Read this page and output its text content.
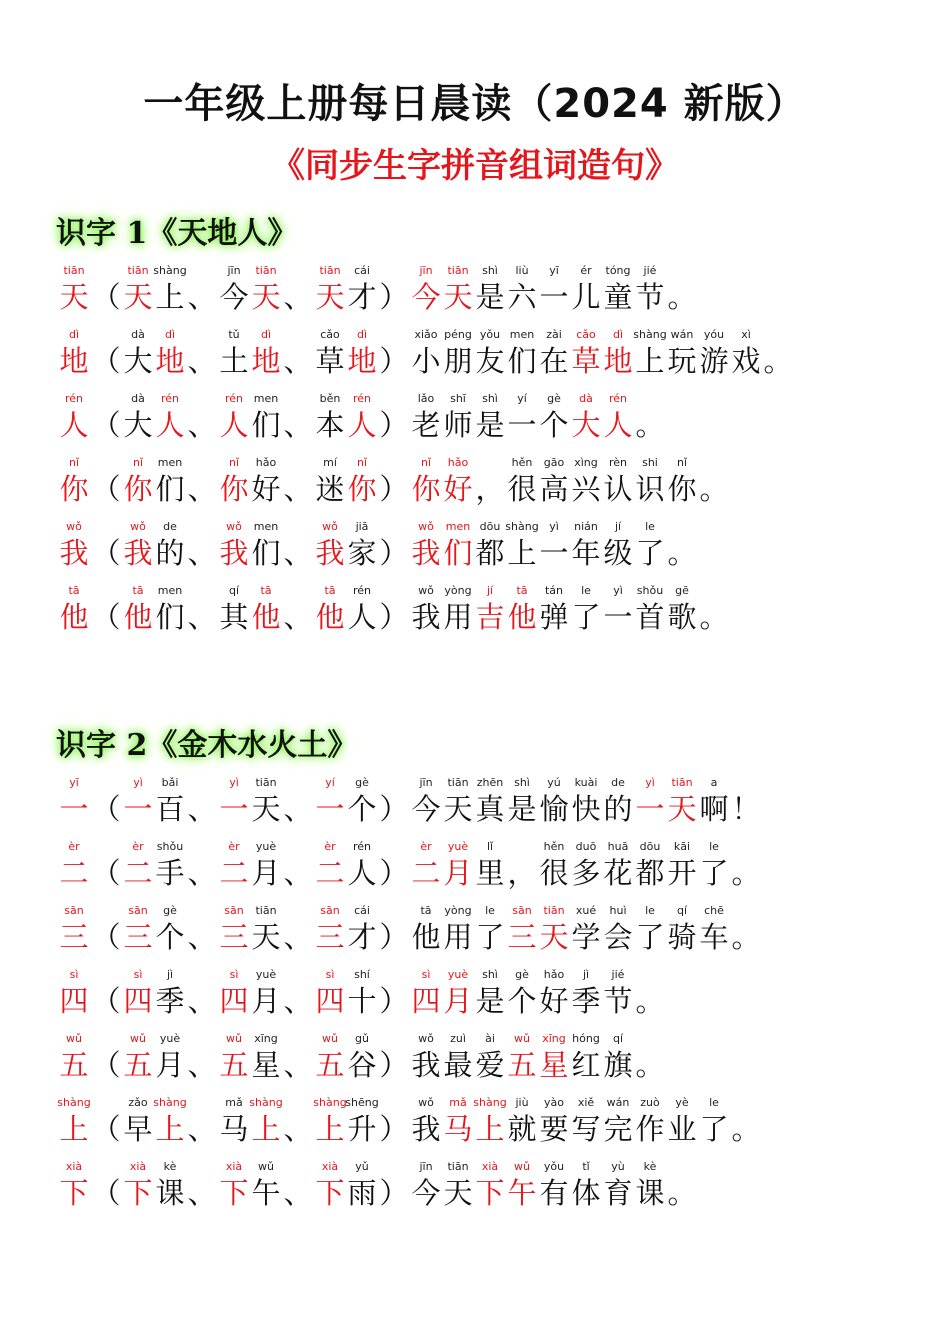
一年级上册每日晨读（2024 新版）
《同步生字拼音组词造句》
识字 1《天地人》
tiān
天 （
tiān
天
shàng
上 、
jīn
今
tiān
天 、
tiān
天
cái
才 ）
jīn
今
tiān
天
shì
是
liù
六
yī
一
ér
儿
tóng
童
jié
节 。
dì
地 （
dà
大
dì
地 、
tǔ
土
dì
地 、
cǎo
草
dì
地 ）
xiǎo
小
péng
朋
yǒu
友
men
们
zài
在
cǎo
草
dì
地
shàng
上
wán
玩
yóu
游
xì
戏 。
rén
人 （
dà
大
rén
人 、
rén
人
men
们 、
běn
本
rén
人 ）
lǎo
老
shī
师
shì
是
yí
一
gè
个
dà
大
rén
人 。
nǐ
你 （
nǐ
你
men
们 、
nǐ
你
hǎo
好 、
mí
迷
nǐ
你 ）
nǐ
你
hǎo
好 ，
hěn
很
gāo
高
xìng
兴
rèn
认
shi
识
nǐ
你 。
wǒ
我 （
wǒ
我
de
的 、
wǒ
我
men
们 、
wǒ
我
jiā
家 ）
wǒ
我
men
们
dōu
都
shàng
上
yì
一
nián
年
jí
级
le
了 。
tā
他 （
tā
他
men
们 、
qí
其
tā
他 、
tā
他
rén
人 ）
wǒ
我
yòng
用
jí
吉
tā
他
tán
弹
le
了
yì
一
shǒu
首
gē
歌 。
识字 2《金木水火土》
yī
一 （
yì
一
bǎi
百 、
yì
一
tiān
天 、
yí
一
gè
个 ）
jīn
今
tiān
天
zhēn
真
shì
是
yú
愉
kuài
快
de
的
yì
一
tiān
天
a
啊 ！
èr
二 （
èr
二
shǒu
手 、
èr
二
yuè
月 、
èr
二
rén
人 ）
èr
二
yuè
月
lǐ
里 ，
hěn
很
duō
多
huā
花
dōu
都
kāi
开
le
了 。
sān
三 （
sān
三
gè
个 、
sān
三
tiān
天 、
sān
三
cái
才 ）
tā
他
yòng
用
le
了
sān
三
tiān
天
xué
学
huì
会
le
了
qí
骑
chē
车 。
sì
四 （
sì
四
jì
季 、
sì
四
yuè
月 、
sì
四
shí
十 ）
sì
四
yuè
月
shì
是
gè
个
hǎo
好
jì
季
jié
节 。
wǔ
五 （
wǔ
五
yuè
月 、
wǔ
五
xīng
星 、
wǔ
五
gǔ
谷 ）
wǒ
我
zuì
最
ài
爱
wǔ
五
xīng
星
hóng
红
qí
旗 。
shàng
上 （
zǎo
早
shàng
上 、
mǎ
马
shàng
上 、
shàng
上
shēng
升 ）
wǒ
我
mǎ
马
shàng
上
jiù
就
yào
要
xiě
写
wán
完
zuò
作
yè
业
le
了 。
xià
下 （
xià
下
kè
课 、
xià
下
wǔ
午 、
xià
下
yǔ
雨 ）
jīn
今
tiān
天
xià
下
wǔ
午
yǒu
有
tǐ
体
yù
育
kè
课 。
